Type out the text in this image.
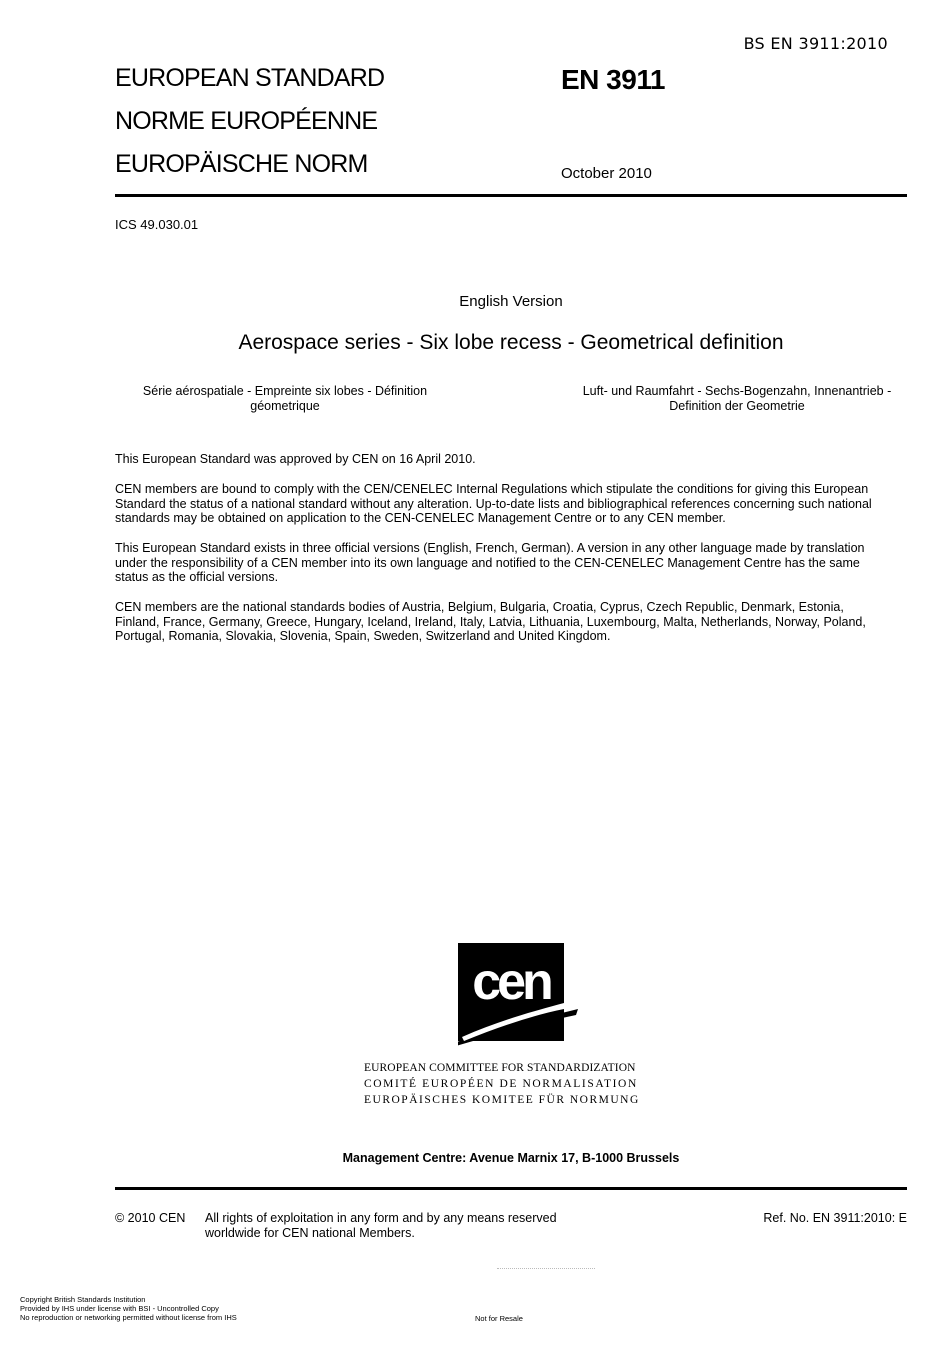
BS EN 3911:2010
EUROPEAN STANDARD
NORME EUROPÉENNE
EUROPÄISCHE NORM
EN 3911
October 2010
ICS 49.030.01
English Version
Aerospace series - Six lobe recess - Geometrical definition
Série aérospatiale - Empreinte six lobes - Définition
géometrique
Luft- und Raumfahrt - Sechs-Bogenzahn, Innenantrieb -
Definition der Geometrie
This European Standard was approved by CEN on 16 April 2010.
CEN members are bound to comply with the CEN/CENELEC Internal Regulations which stipulate the conditions for giving this European
Standard the status of a national standard without any alteration. Up-to-date lists and bibliographical references concerning such national
standards may be obtained on application to the CEN-CENELEC Management Centre or to any CEN member.
This European Standard exists in three official versions (English, French, German). A version in any other language made by translation
under the responsibility of a CEN member into its own language and notified to the CEN-CENELEC Management Centre has the same
status as the official versions.
CEN members are the national standards bodies of Austria, Belgium, Bulgaria, Croatia, Cyprus, Czech Republic, Denmark, Estonia,
Finland, France, Germany, Greece, Hungary, Iceland, Ireland, Italy, Latvia, Lithuania, Luxembourg, Malta, Netherlands, Norway, Poland,
Portugal, Romania, Slovakia, Slovenia, Spain, Sweden, Switzerland and United Kingdom.
cen
EUROPEAN COMMITTEE FOR STANDARDIZATION
COMITÉ EUROPÉEN DE NORMALISATION
EUROPÄISCHES KOMITEE FÜR NORMUNG
Management Centre: Avenue Marnix 17, B-1000 Brussels
© 2010 CEN All rights of exploitation in any form and by any means reserved
worldwide for CEN national Members.
Ref. No. EN 3911:2010: E
Copyright British Standards Institution
Provided by IHS under license with BSI - Uncontrolled Copy
No reproduction or networking permitted without license from IHS	Not for Resale
